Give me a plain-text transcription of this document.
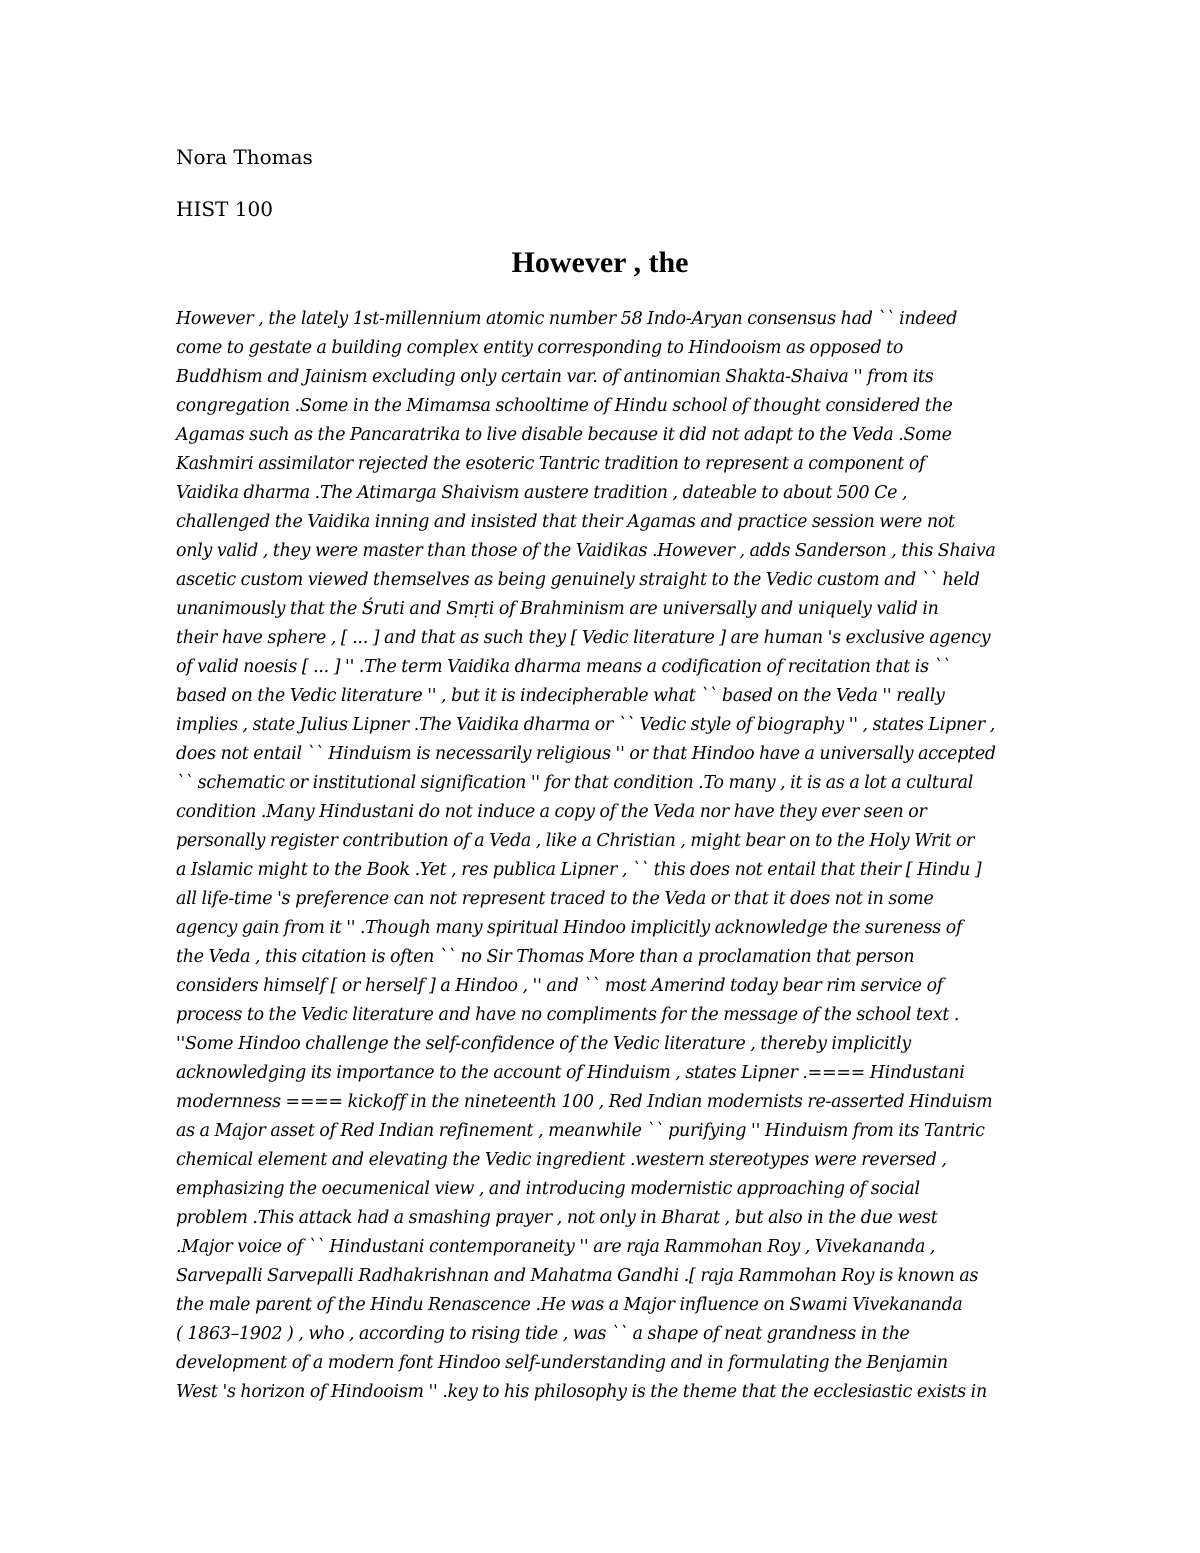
Nora Thomas
HIST 100
However , the
However , the lately 1st-millennium atomic number 58 Indo-Aryan consensus had `` indeed
come to gestate a building complex entity corresponding to Hindooism as opposed to
Buddhism and Jainism excluding only certain var. of antinomian Shakta-Shaiva '' from its
congregation .Some in the Mimamsa schooltime of Hindu school of thought considered the
Agamas such as the Pancaratrika to live disable because it did not adapt to the Veda .Some
Kashmiri assimilator rejected the esoteric Tantric tradition to represent a component of
Vaidika dharma .The Atimarga Shaivism austere tradition , dateable to about 500 Ce ,
challenged the Vaidika inning and insisted that their Agamas and practice session were not
only valid , they were master than those of the Vaidikas .However , adds Sanderson , this Shaiva
ascetic custom viewed themselves as being genuinely straight to the Vedic custom and `` held
unanimously that the Śruti and Smṛti of Brahminism are universally and uniquely valid in
their have sphere , [ ... ] and that as such they [ Vedic literature ] are human 's exclusive agency
of valid noesis [ ... ] '' .The term Vaidika dharma means a codification of recitation that is ``
based on the Vedic literature '' , but it is indecipherable what `` based on the Veda '' really
implies , state Julius Lipner .The Vaidika dharma or `` Vedic style of biography '' , states Lipner ,
does not entail `` Hinduism is necessarily religious '' or that Hindoo have a universally accepted
`` schematic or institutional signification '' for that condition .To many , it is as a lot a cultural
condition .Many Hindustani do not induce a copy of the Veda nor have they ever seen or
personally register contribution of a Veda , like a Christian , might bear on to the Holy Writ or
a Islamic might to the Book .Yet , res publica Lipner , `` this does not entail that their [ Hindu ]
all life-time 's preference can not represent traced to the Veda or that it does not in some
agency gain from it '' .Though many spiritual Hindoo implicitly acknowledge the sureness of
the Veda , this citation is often `` no Sir Thomas More than a proclamation that person
considers himself [ or herself ] a Hindoo , '' and `` most Amerind today bear rim service of
process to the Vedic literature and have no compliments for the message of the school text .
''Some Hindoo challenge the self-confidence of the Vedic literature , thereby implicitly
acknowledging its importance to the account of Hinduism , states Lipner .==== Hindustani
modernness ==== kickoff in the nineteenth 100 , Red Indian modernists re-asserted Hinduism
as a Major asset of Red Indian refinement , meanwhile `` purifying '' Hinduism from its Tantric
chemical element and elevating the Vedic ingredient .western stereotypes were reversed ,
emphasizing the oecumenical view , and introducing modernistic approaching of social
problem .This attack had a smashing prayer , not only in Bharat , but also in the due west
.Major voice of `` Hindustani contemporaneity '' are raja Rammohan Roy , Vivekananda ,
Sarvepalli Sarvepalli Radhakrishnan and Mahatma Gandhi .[ raja Rammohan Roy is known as
the male parent of the Hindu Renascence .He was a Major influence on Swami Vivekananda
( 1863–1902 ) , who , according to rising tide , was `` a shape of neat grandness in the
development of a modern font Hindoo self-understanding and in formulating the Benjamin
West 's horizon of Hindooism '' .key to his philosophy is the theme that the ecclesiastic exists in
